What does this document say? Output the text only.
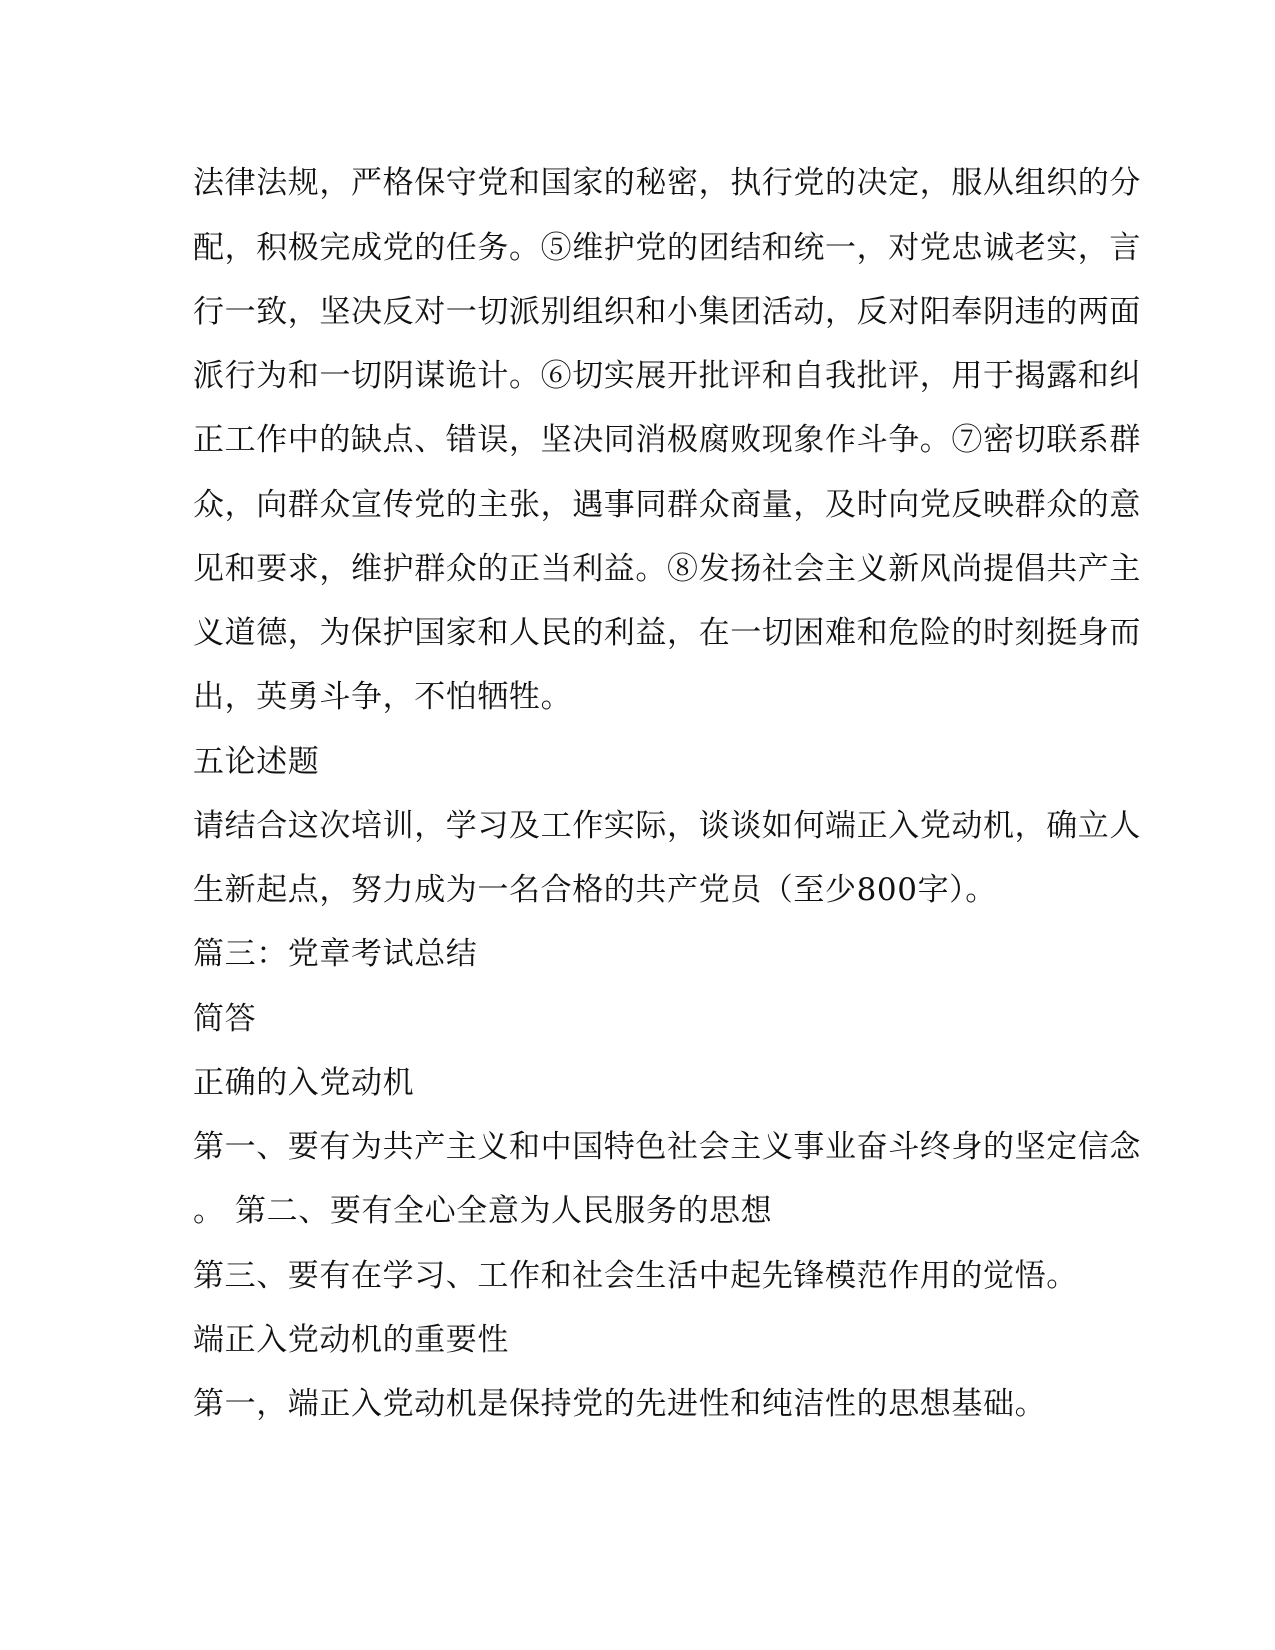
法律法规，严格保守党和国家的秘密，执行党的决定，服从组织的分
配，积极完成党的任务。⑤维护党的团结和统一，对党忠诚老实，言
行一致，坚决反对一切派别组织和小集团活动，反对阳奉阴违的两面
派行为和一切阴谋诡计。⑥切实展开批评和自我批评，用于揭露和纠
正工作中的缺点、错误，坚决同消极腐败现象作斗争。⑦密切联系群
众，向群众宣传党的主张，遇事同群众商量，及时向党反映群众的意
见和要求，维护群众的正当利益。⑧发扬社会主义新风尚提倡共产主
义道德，为保护国家和人民的利益，在一切困难和危险的时刻挺身而
出，英勇斗争，不怕牺牲。
五论述题
请结合这次培训，学习及工作实际，谈谈如何端正入党动机，确立人
生新起点，努力成为一名合格的共产党员（至少800字）。
篇三：党章考试总结
简答
正确的入党动机
第一、要有为共产主义和中国特色社会主义事业奋斗终身的坚定信念
。 第二、要有全心全意为人民服务的思想
第三、要有在学习、工作和社会生活中起先锋模范作用的觉悟。
端正入党动机的重要性
第一，端正入党动机是保持党的先进性和纯洁性的思想基础。
